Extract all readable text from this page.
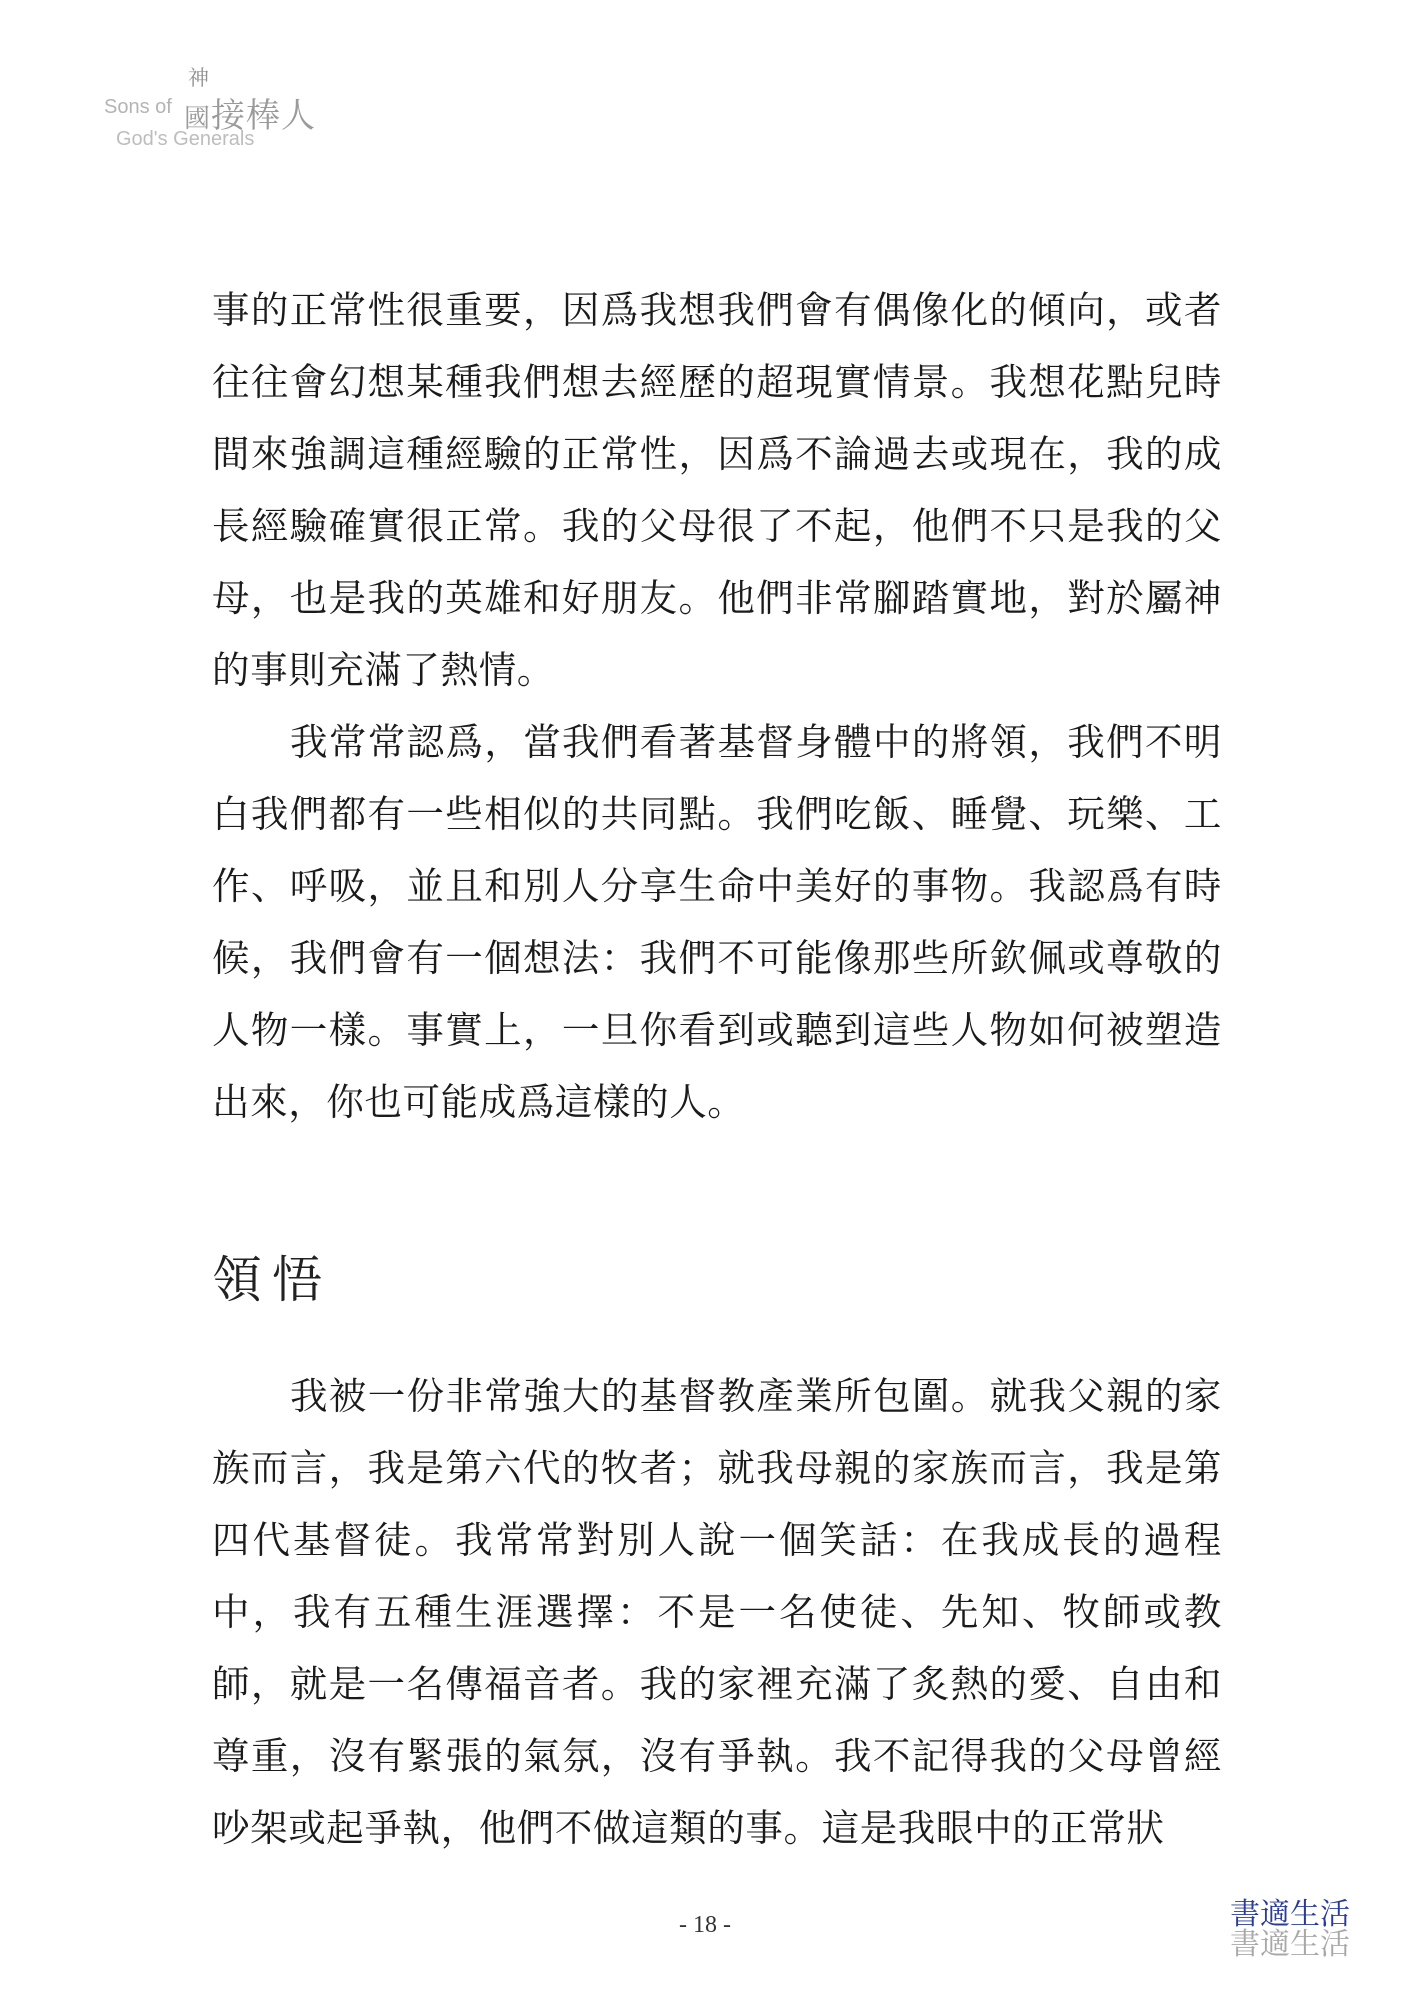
神
Sons of 國接棒人
God's Generals

事的正常性很重要，因爲我想我們會有偶像化的傾向，或者往往會幻想某種我們想去經歷的超現實情景。我想花點兒時間來強調這種經驗的正常性，因爲不論過去或現在，我的成長經驗確實很正常。我的父母很了不起，他們不只是我的父母，也是我的英雄和好朋友。他們非常腳踏實地，對於屬神的事則充滿了熱情。

我常常認爲，當我們看著基督身體中的將領，我們不明白我們都有一些相似的共同點。我們吃飯、睡覺、玩樂、工作、呼吸，並且和別人分享生命中美好的事物。我認爲有時候，我們會有一個想法：我們不可能像那些所欽佩或尊敬的人物一樣。事實上，一旦你看到或聽到這些人物如何被塑造出來，你也可能成爲這樣的人。

領悟

我被一份非常強大的基督教產業所包圍。就我父親的家族而言，我是第六代的牧者；就我母親的家族而言，我是第四代基督徒。我常常對別人說一個笑話：在我成長的過程中，我有五種生涯選擇：不是一名使徒、先知、牧師或教師，就是一名傳福音者。我的家裡充滿了炙熱的愛、自由和尊重，沒有緊張的氣氛，沒有爭執。我不記得我的父母曾經吵架或起爭執，他們不做這類的事。這是我眼中的正常狀

- 18 -	書適生活
書適生活
